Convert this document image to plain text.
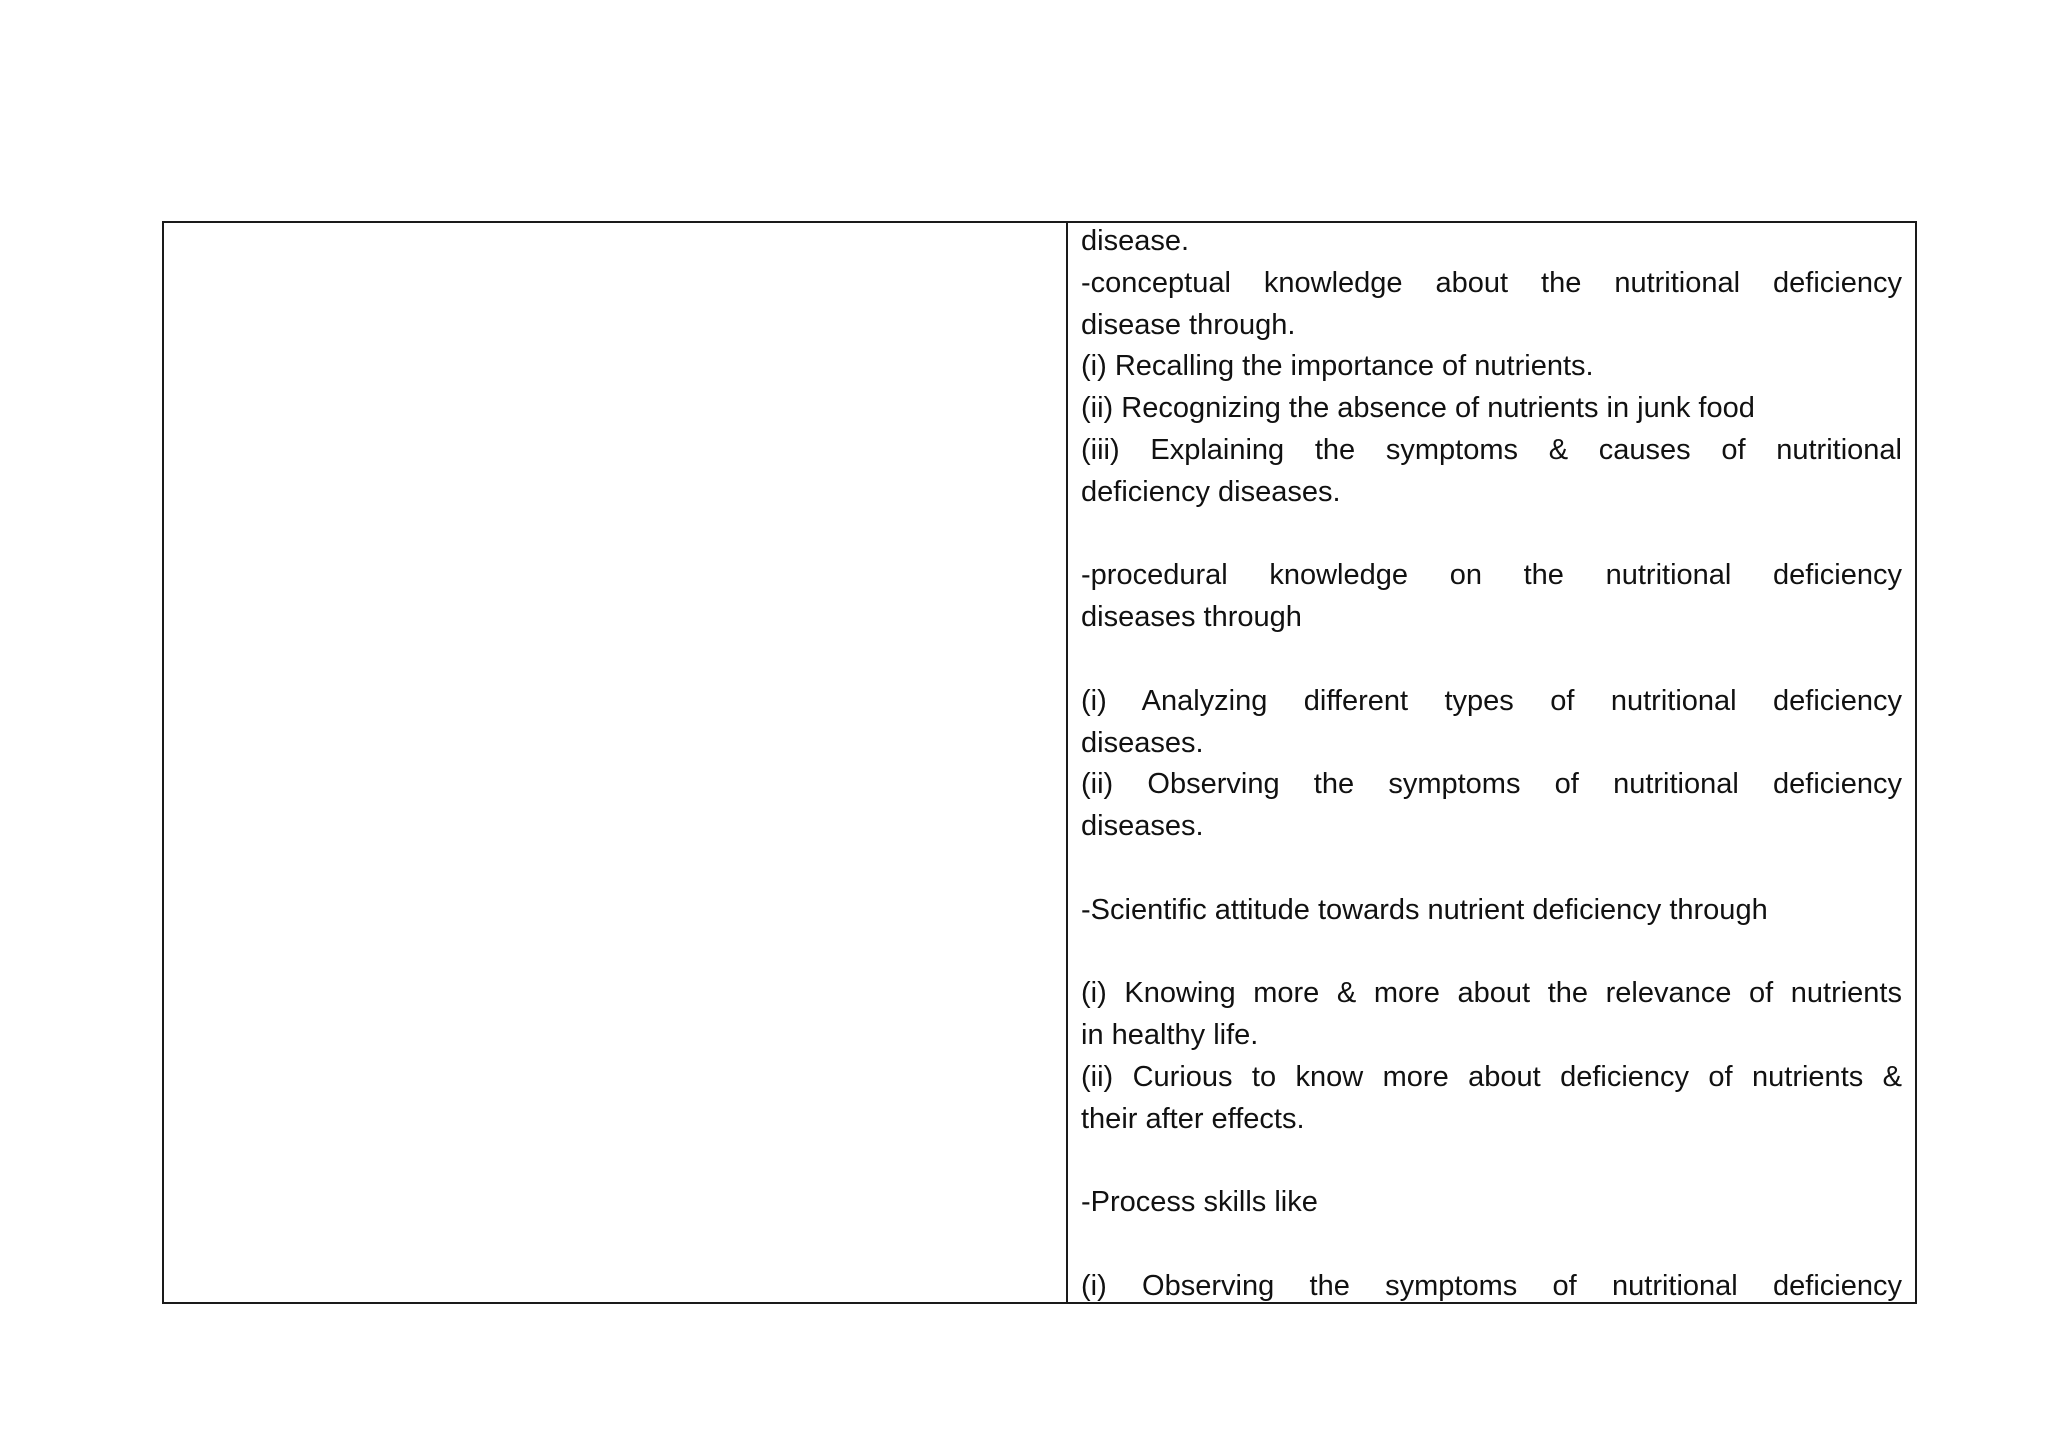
disease.
-conceptual knowledge about the nutritional deficiency
disease through.
(i) Recalling the importance of nutrients.
(ii) Recognizing the absence of nutrients in junk food
(iii) Explaining the symptoms & causes of nutritional
deficiency diseases.
-procedural knowledge on the nutritional deficiency
diseases through
(i) Analyzing different types of nutritional deficiency
diseases.
(ii) Observing the symptoms of nutritional deficiency
diseases.
-Scientific attitude towards nutrient deficiency through
(i) Knowing more & more about the relevance of nutrients
in healthy life.
(ii) Curious to know more about deficiency of nutrients &
their after effects.
-Process skills like
(i) Observing the symptoms of nutritional deficiency
